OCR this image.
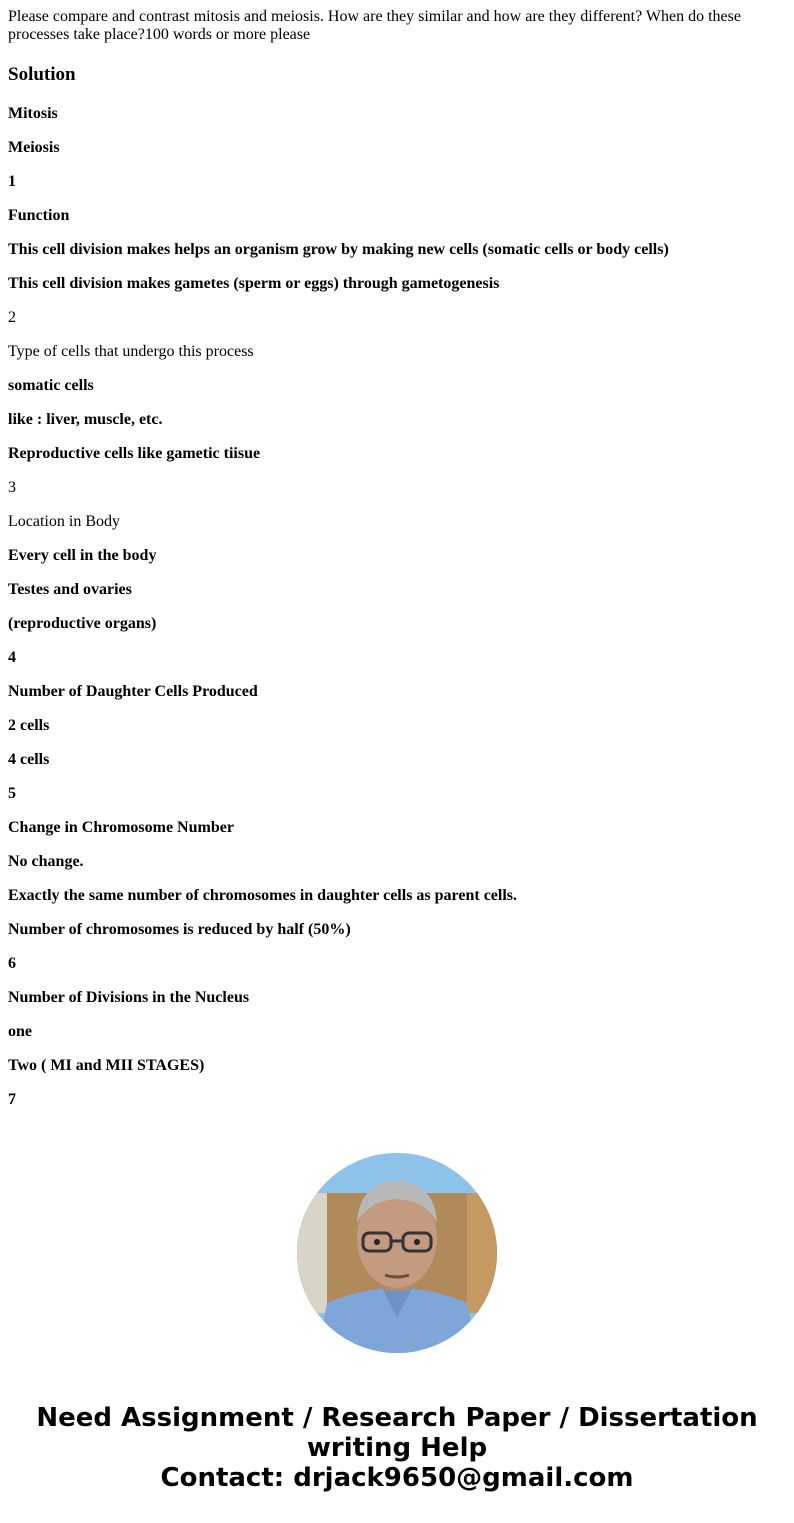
Please compare and contrast mitosis and meiosis. How are they similar and how are they different? When do these processes take place?100 words or more please

Solution
Mitosis
Meiosis
1
Function
This cell division makes helps an organism grow by making new cells (somatic cells or body cells)
This cell division makes gametes (sperm or eggs) through gametogenesis
2
Type of cells that undergo this process
somatic cells
like : liver, muscle, etc.
Reproductive cells like gametic tiisue
3
Location in Body
Every cell in the body
Testes and ovaries
(reproductive organs)
4
Number of Daughter Cells Produced
2 cells
4 cells
5
Change in Chromosome Number
No change.
Exactly the same number of chromosomes in daughter cells as parent cells.
Number of chromosomes is reduced by half (50%)
6
Number of Divisions in the Nucleus
one
Two ( MI and MII STAGES)
7
Need Assignment / Research Paper / Dissertation
writing Help
Contact: drjack9650@gmail.com
